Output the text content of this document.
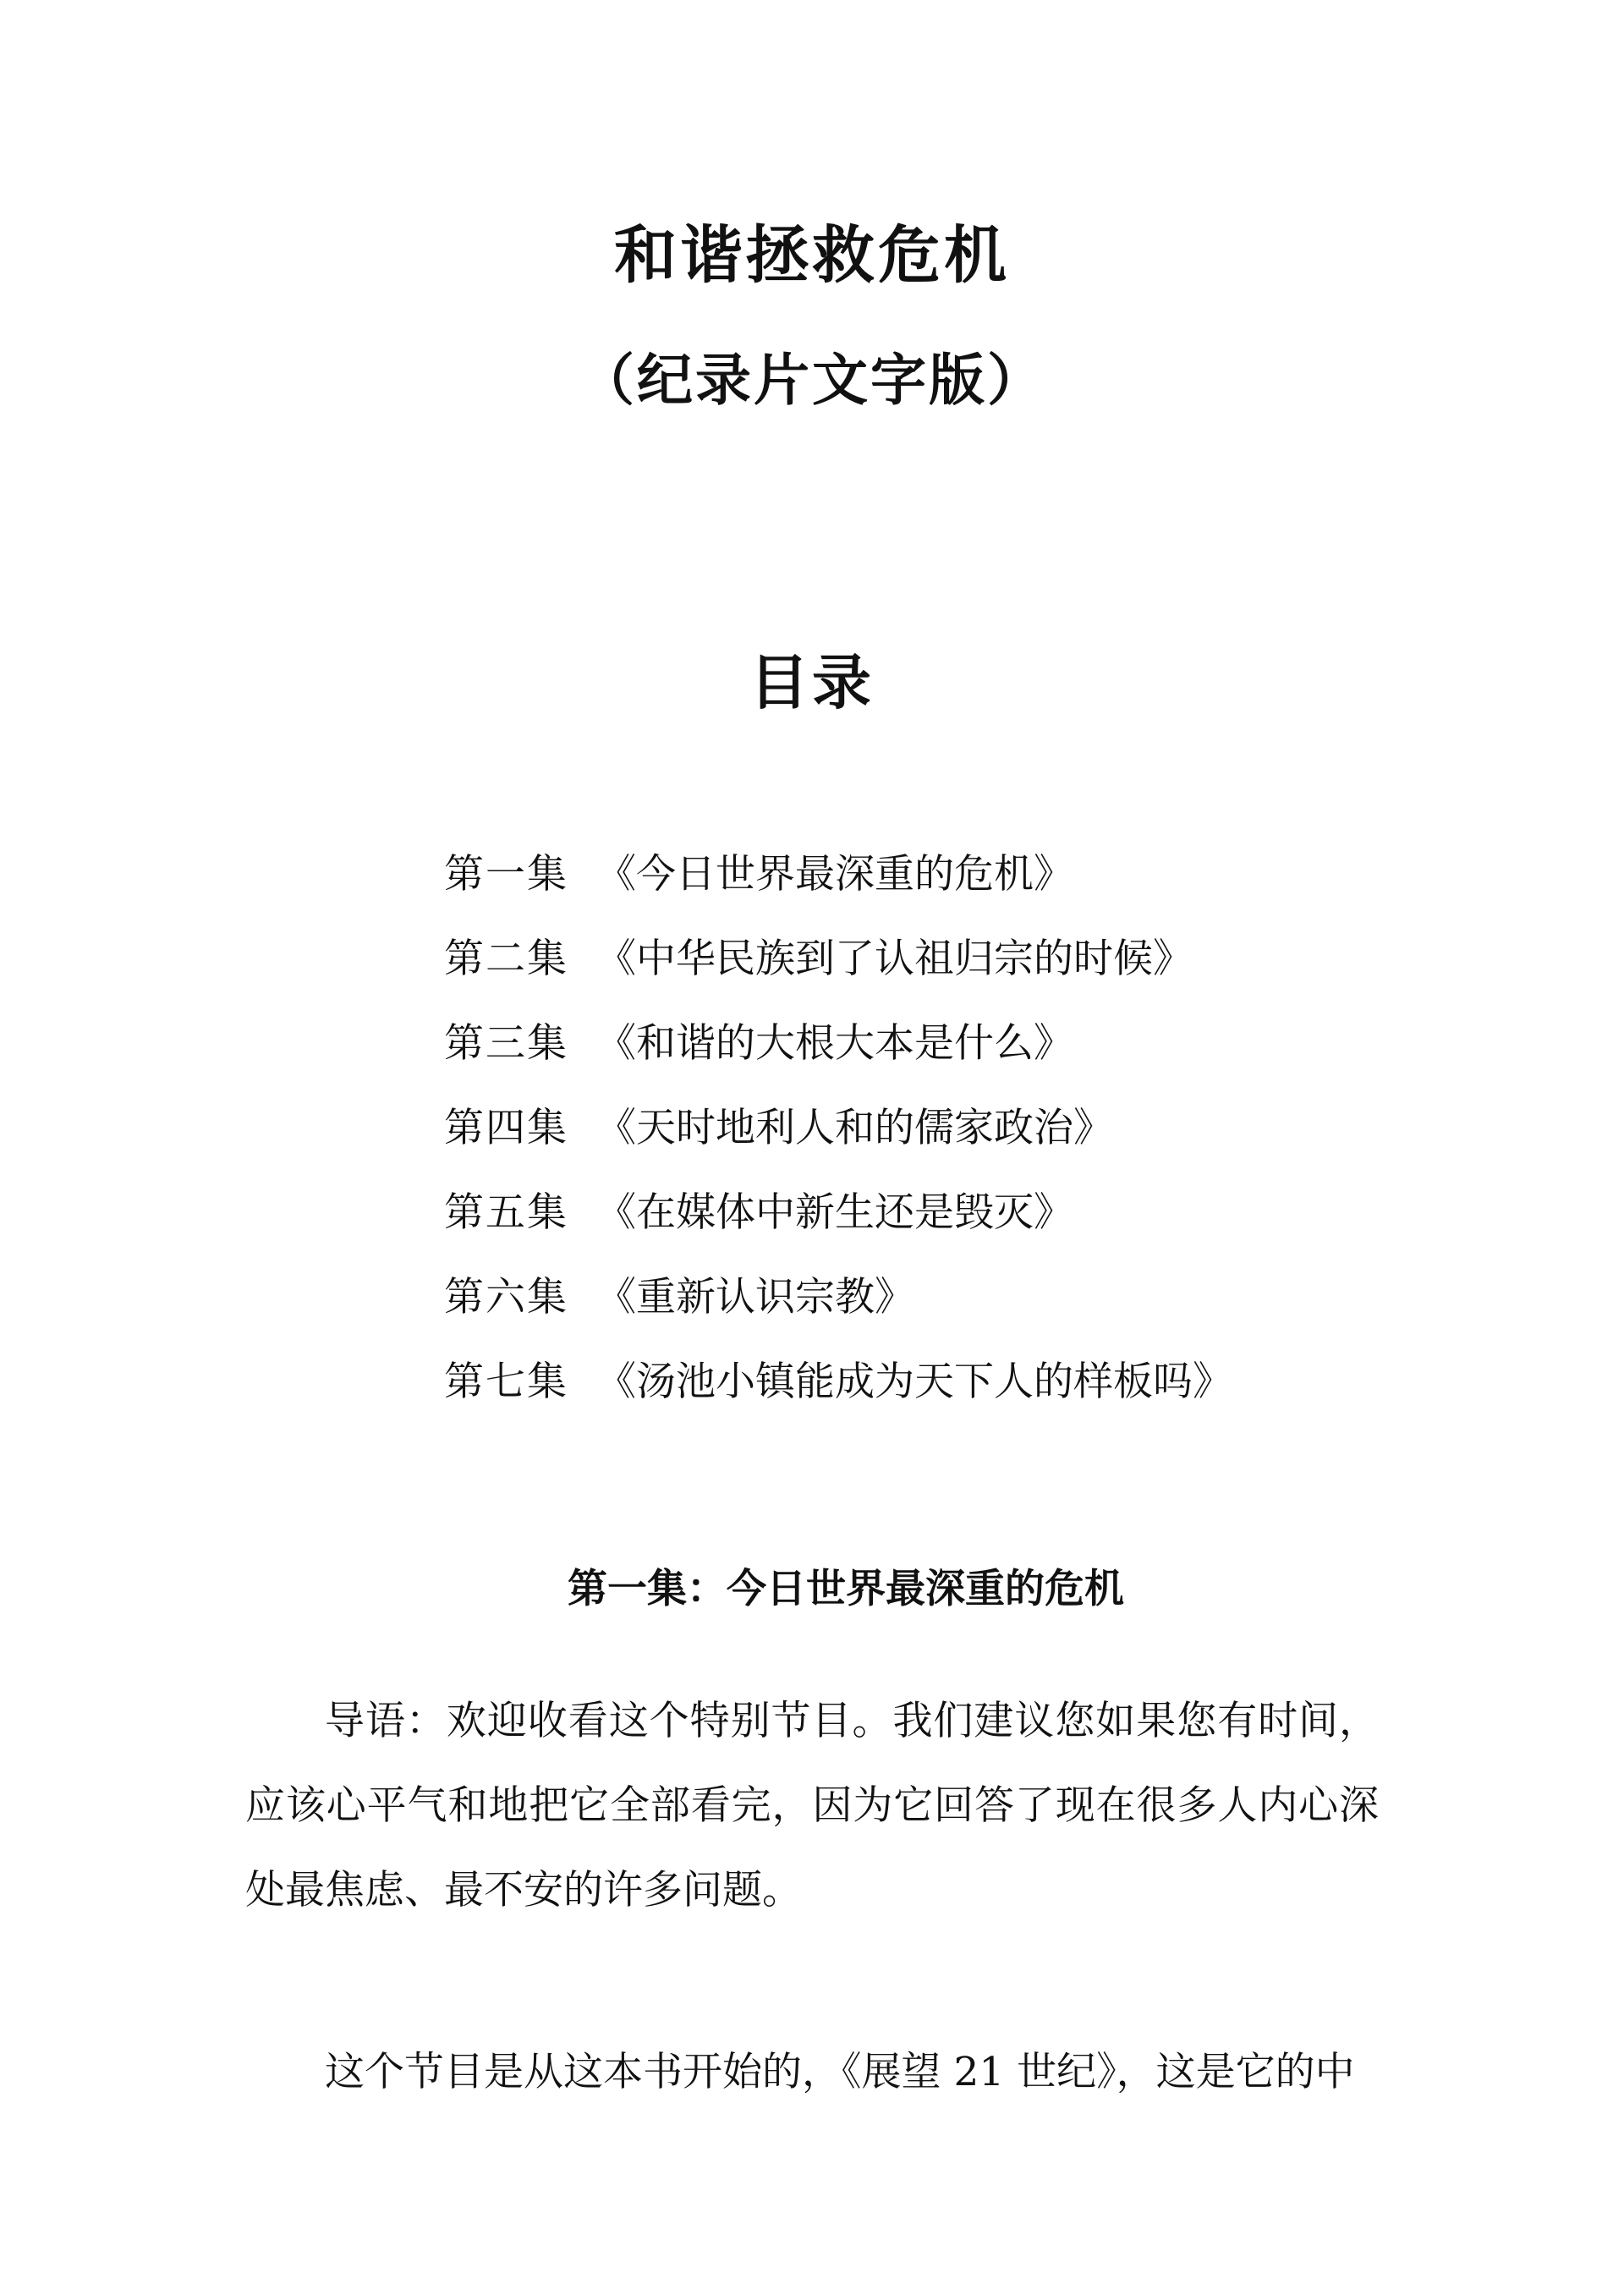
和谐拯救危机
（纪录片文字版）
目录
第一集 《今日世界最深重的危机》
第二集 《中华民族到了认祖归宗的时候》
第三集 《和谐的大根大本是什么》
第四集 《天时地利人和的儒家政治》
第五集 《在媒体中新生还是毁灭》
第六集 《重新认识宗教》
第七集 《汤池小镇能成为天下人的样板吗》
第一集：今日世界最深重的危机

导语：欢迎收看这个特别节目。我们建议您如果您有时间，应该心平气和地把它全部看完，因为它回答了现在很多人内心深处最焦虑、最不安的许多问题。

这个节目是从这本书开始的，《展望 21 世纪》，这是它的中
